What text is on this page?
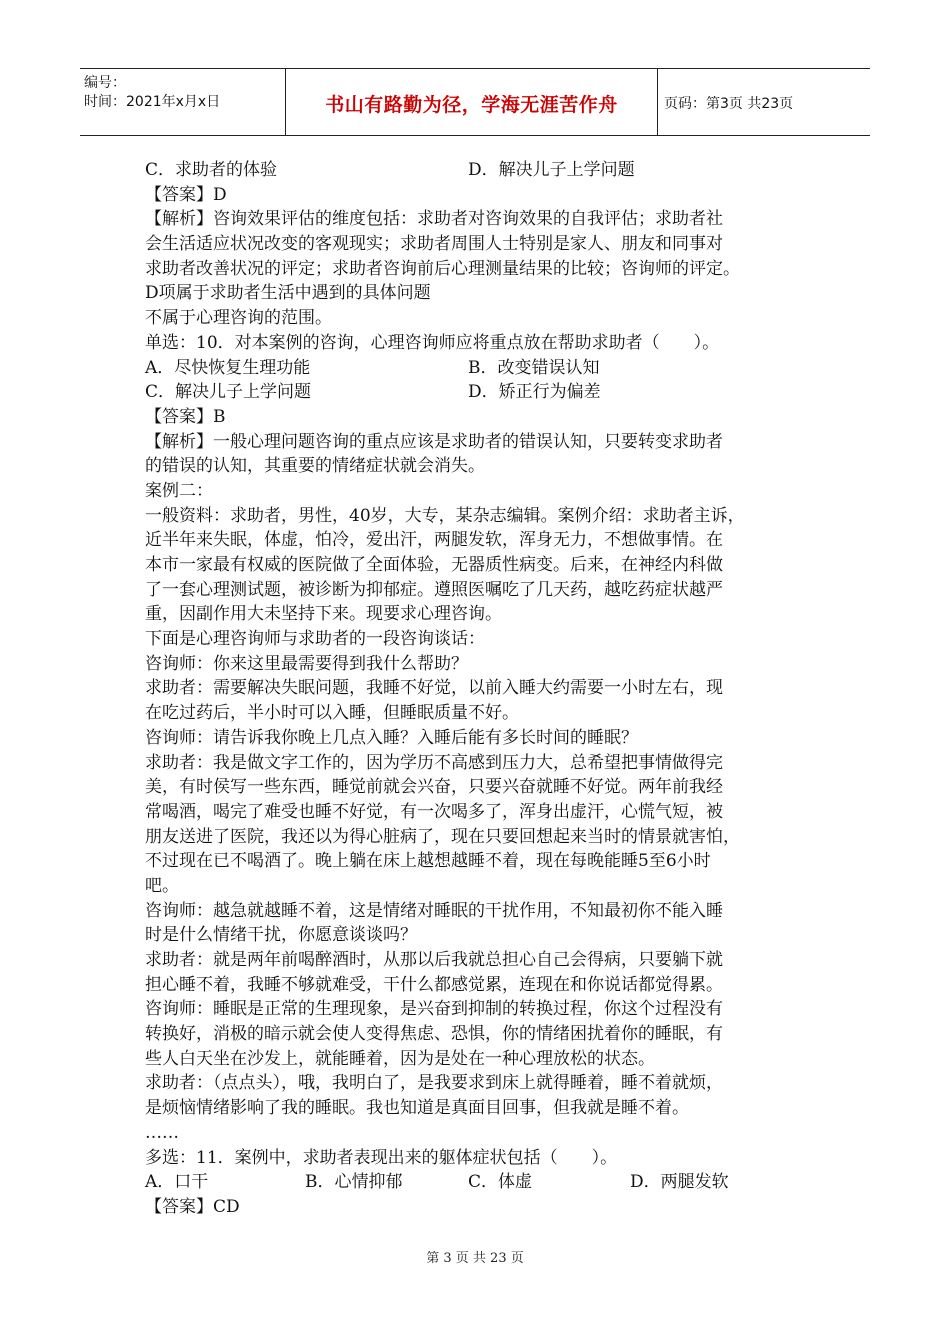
编号：
时间：2021年x月x日	书山有路勤为径，学海无涯苦作舟	页码：第3页 共23页
C．求助者的体验	D．解决儿子上学问题
【答案】D
【解析】咨询效果评估的维度包括：求助者对咨询效果的自我评估；求助者社
会生活适应状况改变的客观现实；求助者周围人士特别是家人、朋友和同事对
求助者改善状况的评定；求助者咨询前后心理测量结果的比较；咨询师的评定。
D项属于求助者生活中遇到的具体问题
不属于心理咨询的范围。
单选：10．对本案例的咨询，心理咨询师应将重点放在帮助求助者（　　）。
A．尽快恢复生理功能	B．改变错误认知
C．解决儿子上学问题	D．矫正行为偏差
【答案】B
【解析】一般心理问题咨询的重点应该是求助者的错误认知，只要转变求助者
的错误的认知，其重要的情绪症状就会消失。
案例二：
一般资料：求助者，男性，40岁，大专，某杂志编辑。案例介绍：求助者主诉，
近半年来失眠，体虚，怕冷，爱出汗，两腿发软，浑身无力，不想做事情。在
本市一家最有权威的医院做了全面体验，无器质性病变。后来，在神经内科做
了一套心理测试题，被诊断为抑郁症。遵照医嘱吃了几天药，越吃药症状越严
重，因副作用大未坚持下来。现要求心理咨询。
下面是心理咨询师与求助者的一段咨询谈话：
咨询师：你来这里最需要得到我什么帮助？
求助者：需要解决失眠问题，我睡不好觉，以前入睡大约需要一小时左右，现
在吃过药后，半小时可以入睡，但睡眠质量不好。
咨询师：请告诉我你晚上几点入睡？入睡后能有多长时间的睡眠？
求助者：我是做文字工作的，因为学历不高感到压力大，总希望把事情做得完
美，有时侯写一些东西，睡觉前就会兴奋，只要兴奋就睡不好觉。两年前我经
常喝酒，喝完了难受也睡不好觉，有一次喝多了，浑身出虚汗，心慌气短，被
朋友送进了医院，我还以为得心脏病了，现在只要回想起来当时的情景就害怕，
不过现在已不喝酒了。晚上躺在床上越想越睡不着，现在每晚能睡5至6小时
吧。
咨询师：越急就越睡不着，这是情绪对睡眠的干扰作用，不知最初你不能入睡
时是什么情绪干扰，你愿意谈谈吗？
求助者：就是两年前喝醉酒时，从那以后我就总担心自己会得病，只要躺下就
担心睡不着，我睡不够就难受，干什么都感觉累，连现在和你说话都觉得累。
咨询师：睡眠是正常的生理现象，是兴奋到抑制的转换过程，你这个过程没有
转换好，消极的暗示就会使人变得焦虑、恐惧，你的情绪困扰着你的睡眠，有
些人白天坐在沙发上，就能睡着，因为是处在一种心理放松的状态。
求助者：（点点头），哦，我明白了，是我要求到床上就得睡着，睡不着就烦，
是烦恼情绪影响了我的睡眠。我也知道是真面目回事，但我就是睡不着。
……
多选：11．案例中，求助者表现出来的躯体症状包括（　　）。
A．口干	B．心情抑郁	C．体虚	D．两腿发软
【答案】CD
第 3 页 共 23 页
